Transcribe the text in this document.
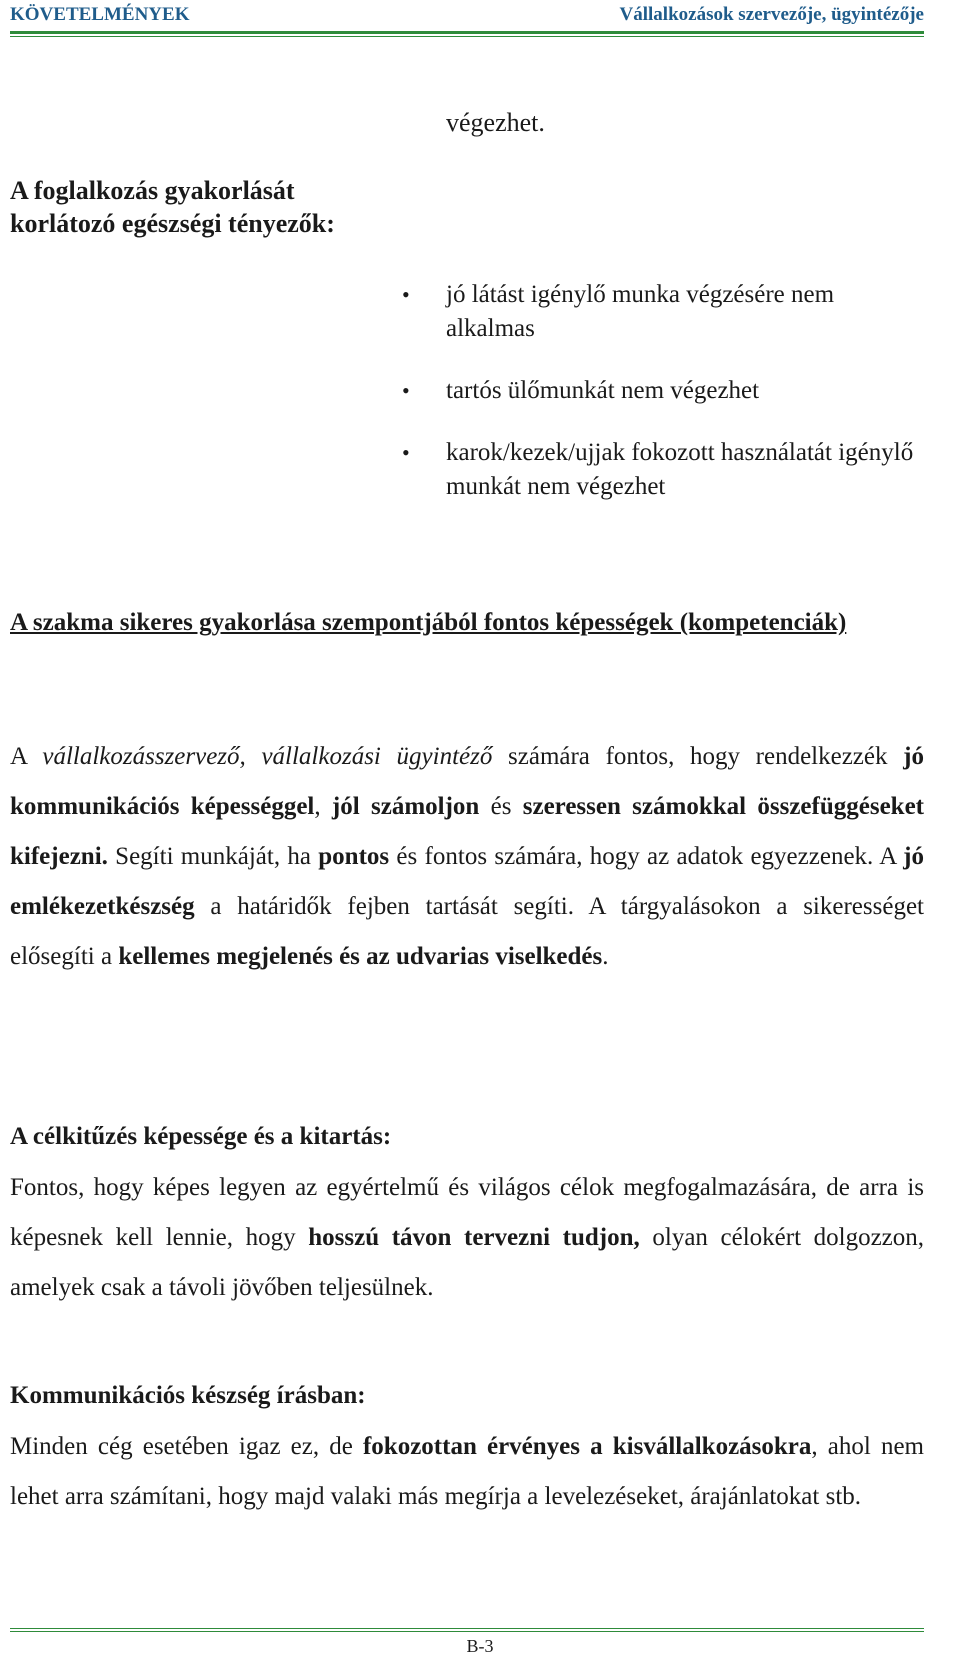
KÖVETELMÉNYEK	Vállalkozások szervezője, ügyintézője
végezhet.
A foglalkozás gyakorlását korlátozó egészségi tényezők:

• jó látást igénylő munka végzésére nem alkalmas

• tartós ülőmunkát nem végezhet

• karok/kezek/ujjak fokozott használatát igénylő munkát nem végezhet

A szakma sikeres gyakorlása szempontjából fontos képességek (kompetenciák)

A vállalkozásszervező, vállalkozási ügyintéző számára fontos, hogy rendelkezzék jó kommunikációs képességgel, jól számoljon és szeressen számokkal összefüggéseket kifejezni. Segíti munkáját, ha pontos és fontos számára, hogy az adatok egyezzenek. A jó emlékezetkészség a határidők fejben tartását segíti. A tárgyalásokon a sikerességet elősegíti a kellemes megjelenés és az udvarias viselkedés.

A célkitűzés képessége és a kitartás:

Fontos, hogy képes legyen az egyértelmű és világos célok megfogalmazására, de arra is képesnek kell lennie, hogy hosszú távon tervezni tudjon, olyan célokért dolgozzon, amelyek csak a távoli jövőben teljesülnek.

Kommunikációs készség írásban:

Minden cég esetében igaz ez, de fokozottan érvényes a kisvállalkozásokra, ahol nem lehet arra számítani, hogy majd valaki más megírja a levelezéseket, árajánlatokat stb.

B-3
